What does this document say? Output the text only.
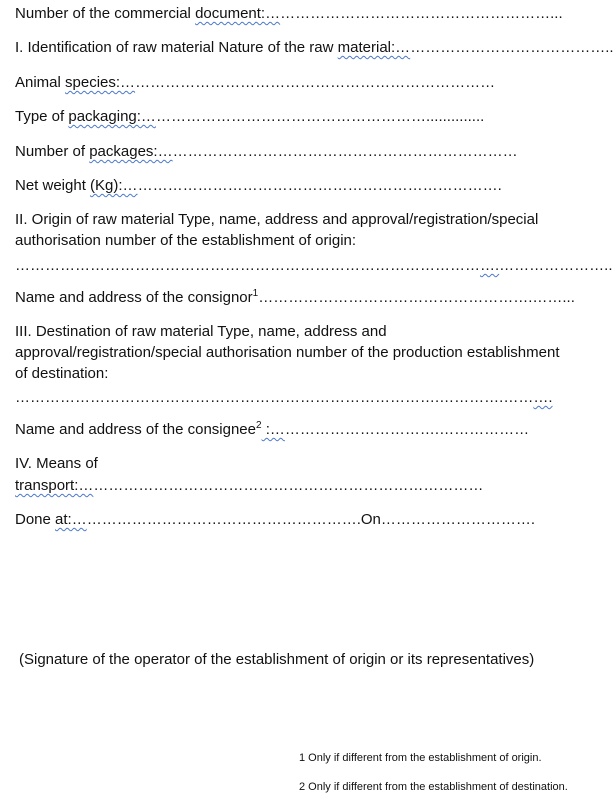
Number of the commercial document:…………………………………………………...
I. Identification of raw material Nature of the raw material:……………………………………..
Animal species:…………………………………………………………………
Type of packaging:…………………………………………………..............
Number of packages:………………………………………………………………
Net weight (Kg):………………………………………………………………….
II. Origin of raw material Type, name, address and approval/registration/special
authorisation number of the establishment of origin:
…………………………………………………………………………………….…………………..
Name and address of the consignor$^1$……………………………………………….……...
III. Destination of raw material Type, name, address and
approval/registration/special authorisation number of the production establishment
of destination:
………………………………………………………………………….………….……….
Name and address of the consignee$^2$ :…………………………….………………
IV. Means of
transport:………………………………………………………………………
Done at:………………………………………………….On………………………….
(Signature of the operator of the establishment of origin or its representatives)
1 Only if different from the establishment of origin.
2 Only if different from the establishment of destination.
